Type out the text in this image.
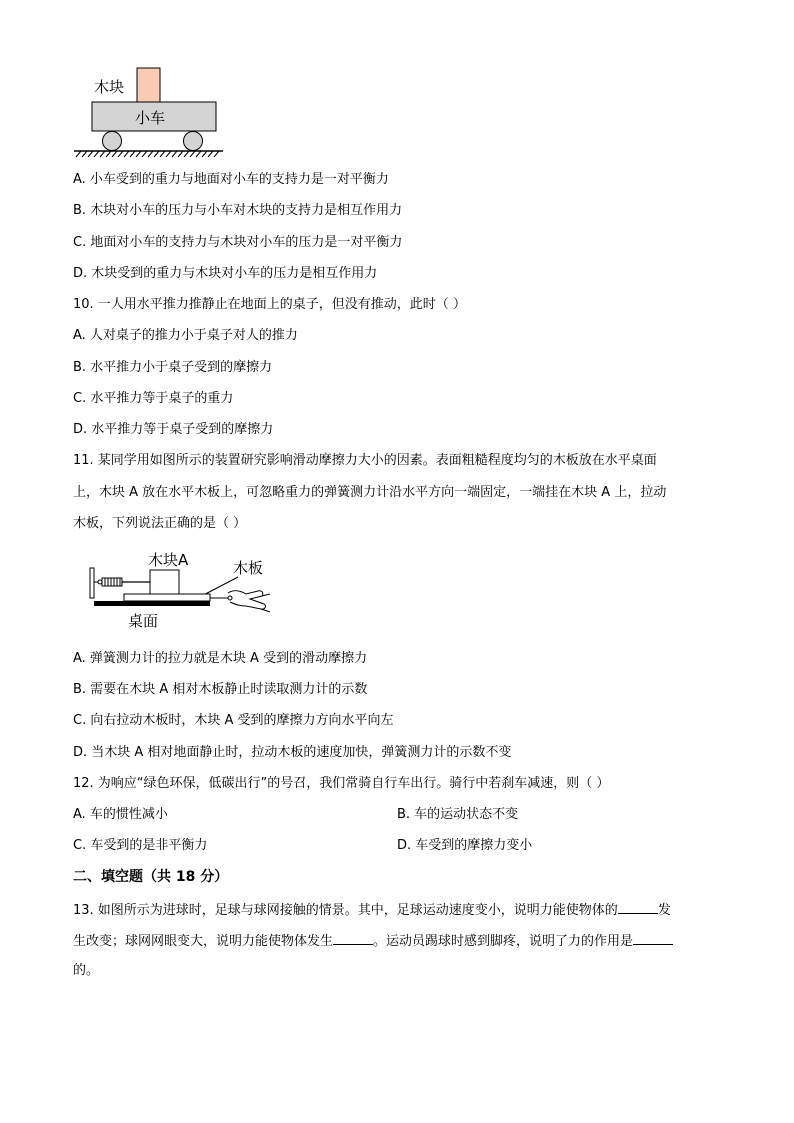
木块
小车
A. 小车受到的重力与地面对小车的支持力是一对平衡力
B. 木块对小车的压力与小车对木块的支持力是相互作用力
C. 地面对小车的支持力与木块对小车的压力是一对平衡力
D. 木块受到的重力与木块对小车的压力是相互作用力
10. 一人用水平推力推静止在地面上的桌子，但没有推动，此时（ ）
A. 人对桌子的推力小于桌子对人的推力
B. 水平推力小于桌子受到的摩擦力
C. 水平推力等于桌子的重力
D. 水平推力等于桌子受到的摩擦力
11. 某同学用如图所示的装置研究影响滑动摩擦力大小的因素。表面粗糙程度均匀的木板放在水平桌面
上，木块 A 放在水平木板上，可忽略重力的弹簧测力计沿水平方向一端固定，一端挂在木块 A 上，拉动
木板，下列说法正确的是（ ）
木块A	木板
桌面
A. 弹簧测力计的拉力就是木块 A 受到的滑动摩擦力
B. 需要在木块 A 相对木板静止时读取测力计的示数
C. 向右拉动木板时，木块 A 受到的摩擦力方向水平向左
D. 当木块 A 相对地面静止时，拉动木板的速度加快，弹簧测力计的示数不变
12. 为响应“绿色环保，低碳出行”的号召，我们常骑自行车出行。骑行中若刹车减速，则（ ）
A. 车的惯性减小	B. 车的运动状态不变
C. 车受到的是非平衡力	D. 车受到的摩擦力变小
二、填空题（共 18 分）
13. 如图所示为进球时，足球与球网接触的情景。其中，足球运动速度变小，说明力能使物体的	发
生改变；球网网眼变大，说明力能使物体发生	。运动员踢球时感到脚疼，说明了力的作用是
的。
